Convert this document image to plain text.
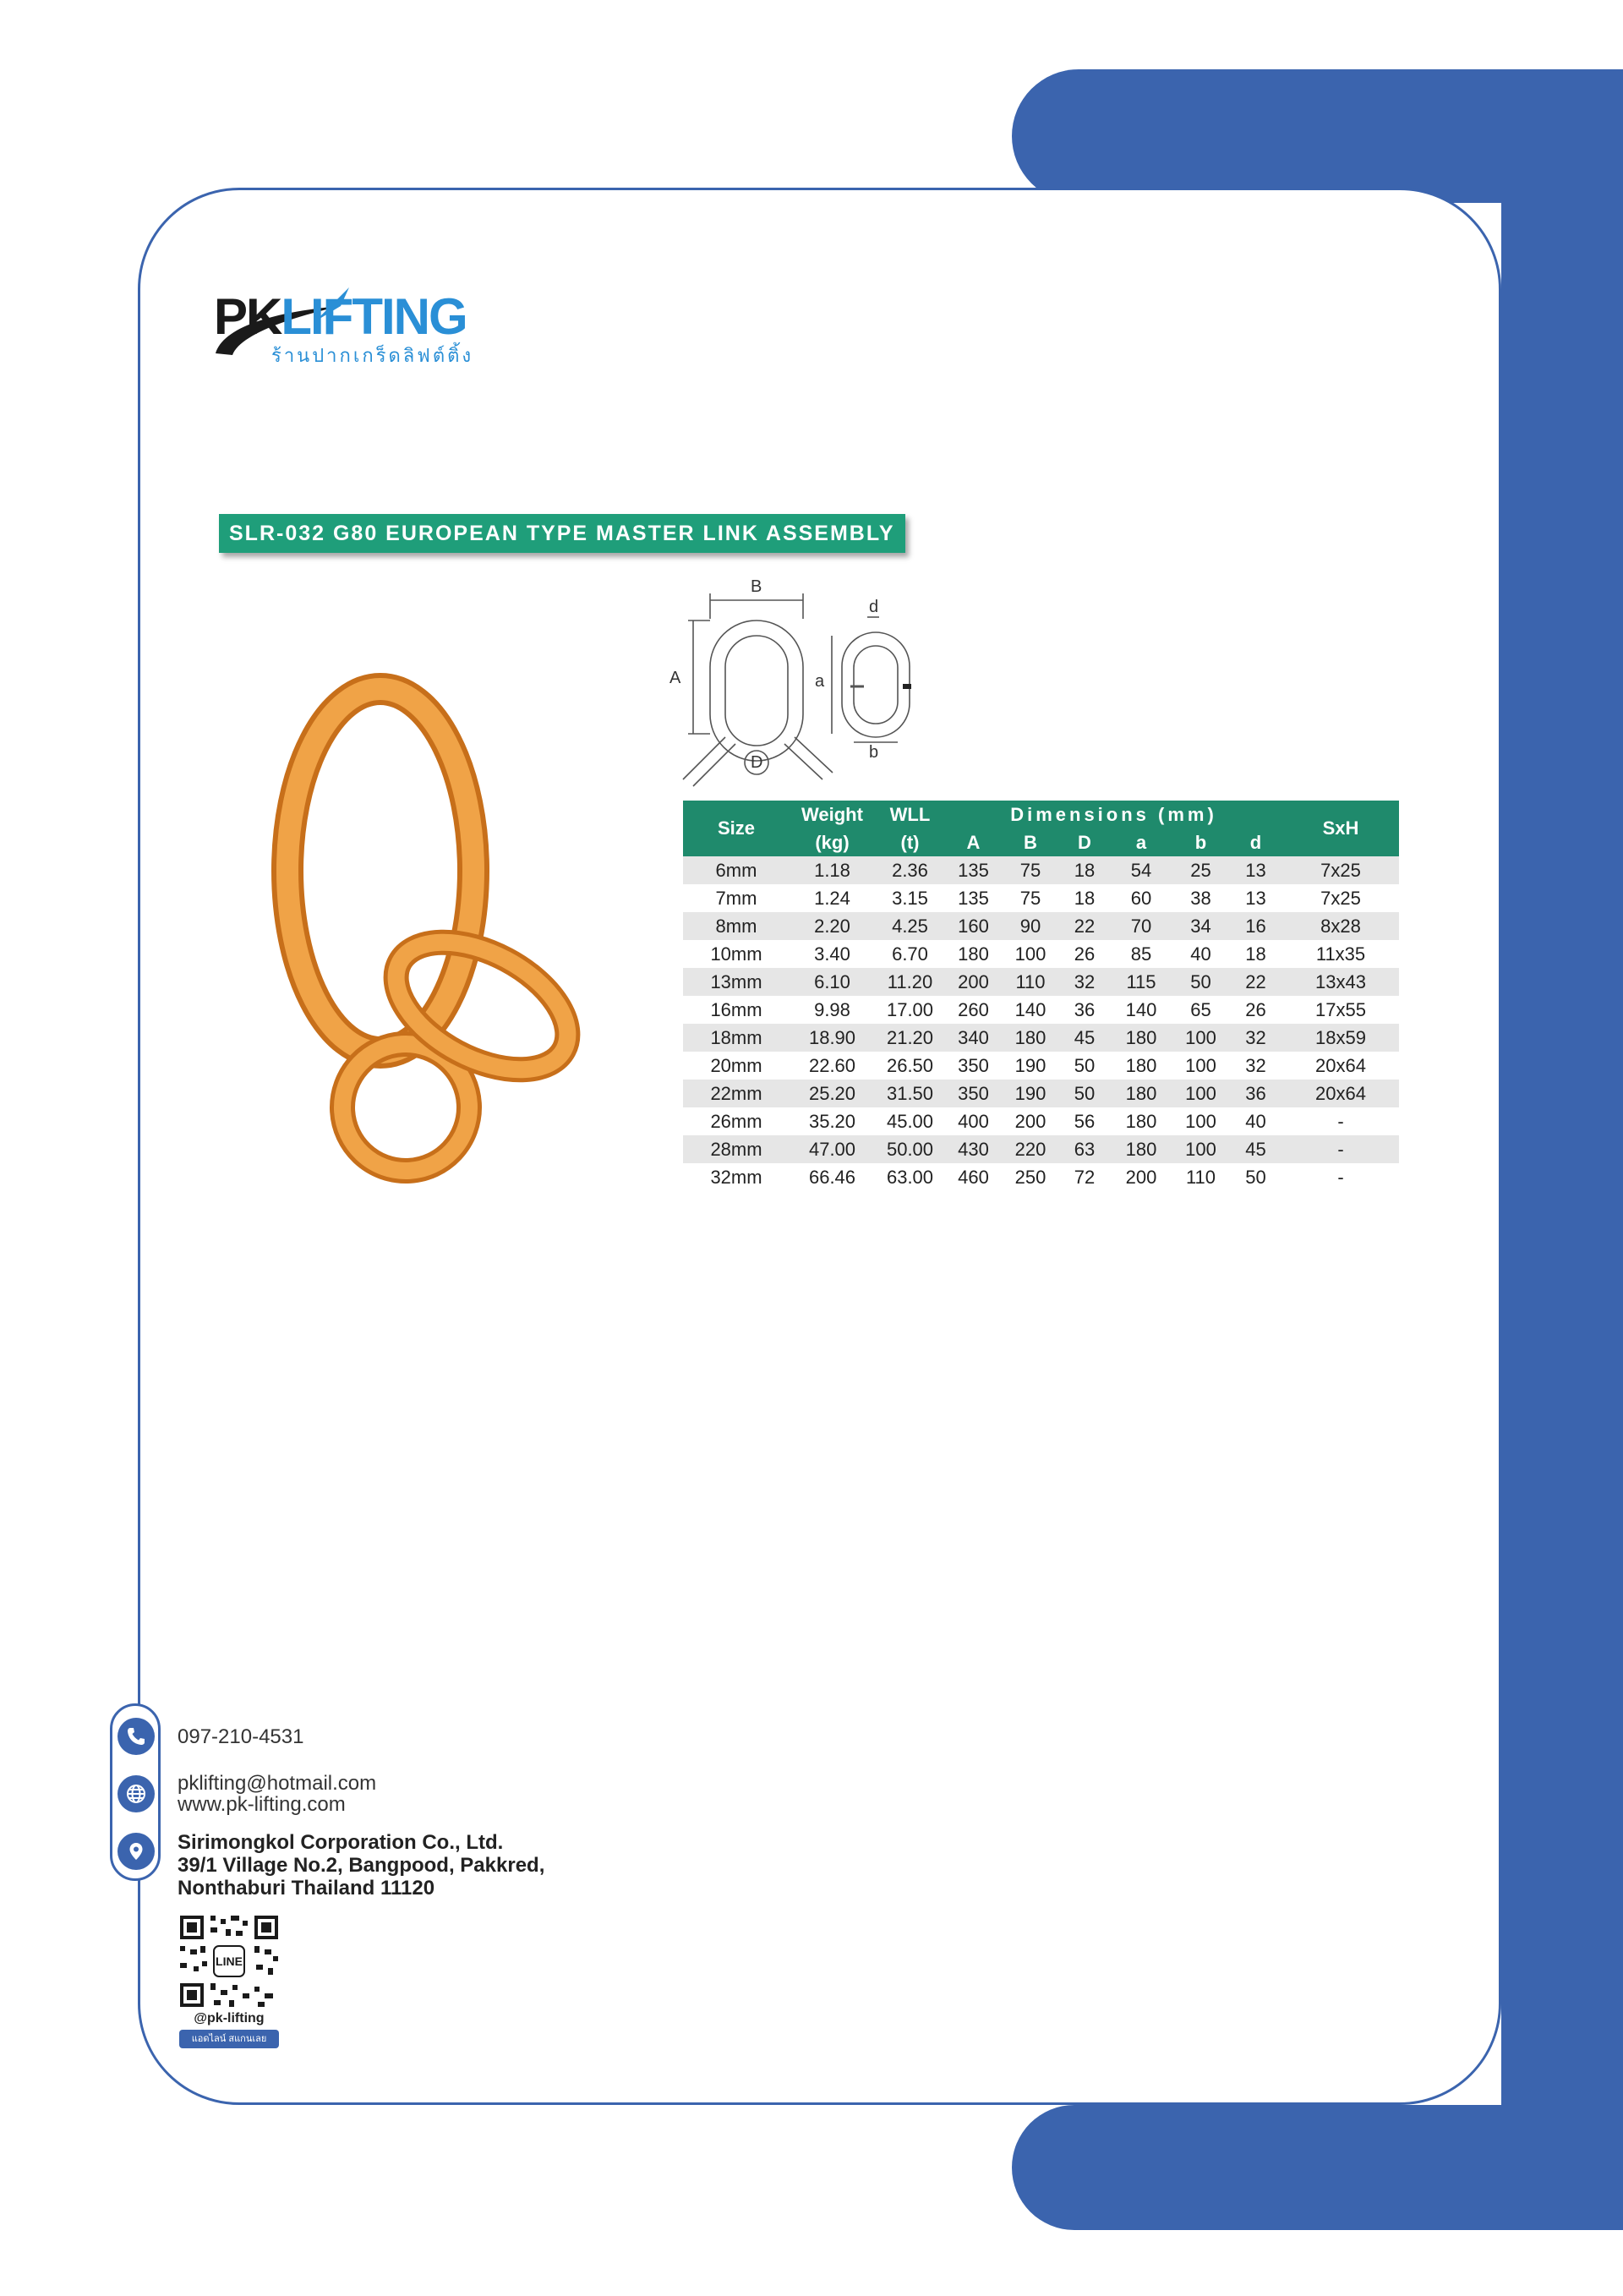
PKLIFTING
ร้านปากเกร็ดลิฟต์ติ้ง
SLR-032 G80 EUROPEAN TYPE MASTER LINK ASSEMBLY
B
A
D
a
b
d
Size	Weight	WLL	Dimensions (mm)						SxH
	(kg)	(t)	A	B	D	a	b	d	
6mm	1.18	2.36	135	75	18	54	25	13	7x25
7mm	1.24	3.15	135	75	18	60	38	13	7x25
8mm	2.20	4.25	160	90	22	70	34	16	8x28
10mm	3.40	6.70	180	100	26	85	40	18	11x35
13mm	6.10	11.20	200	110	32	115	50	22	13x43
16mm	9.98	17.00	260	140	36	140	65	26	17x55
18mm	18.90	21.20	340	180	45	180	100	32	18x59
20mm	22.60	26.50	350	190	50	180	100	32	20x64
22mm	25.20	31.50	350	190	50	180	100	36	20x64
26mm	35.20	45.00	400	200	56	180	100	40	-
28mm	47.00	50.00	430	220	63	180	100	45	-
32mm	66.46	63.00	460	250	72	200	110	50	-
097-210-4531
pklifting@hotmail.com
www.pk-lifting.com
Sirimongkol Corporation Co., Ltd.
39/1 Village No.2, Bangpood, Pakkred,
Nonthaburi Thailand 11120
LINE
@pk-lifting
แอดไลน์ สแกนเลย
